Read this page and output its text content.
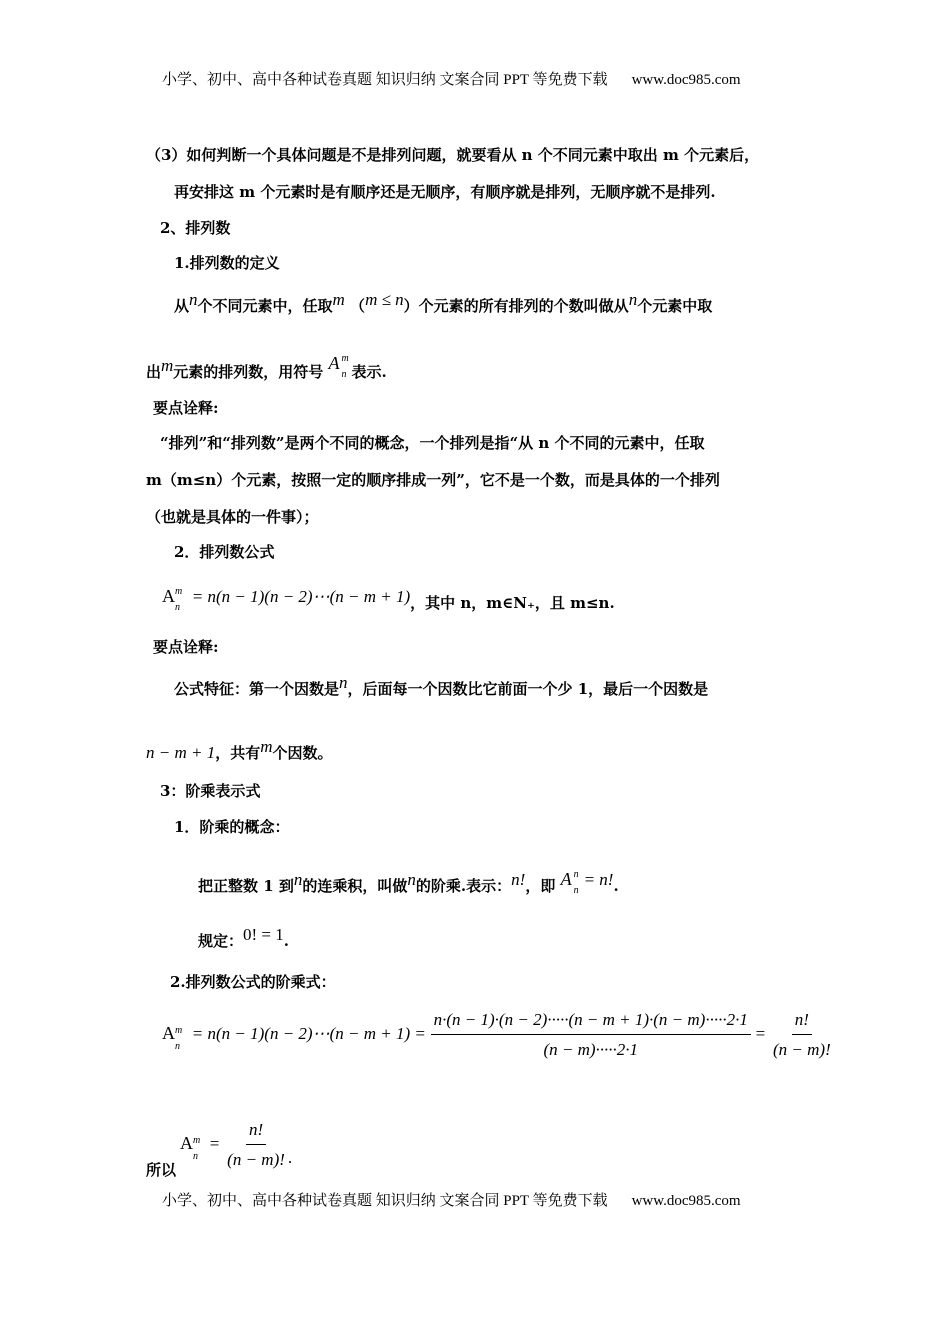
小学、初中、高中各种试卷真题 知识归纳 文案合同 PPT 等免费下载 www.doc985.com
（3）如何判断一个具体问题是不是排列问题，就要看从 n 个不同元素中取出 m 个元素后，
再安排这 m 个元素时是有顺序还是无顺序，有顺序就是排列，无顺序就不是排列.
2、排列数
1.排列数的定义
从$^n$个不同元素中，任取$^m$ （$^{m \le n}$）个元素的所有排列的个数叫做从$^n$个元素中取
出$^m$元素的排列数，用符号 A m
n 表示.
要点诠释:
“排列”和“排列数”是两个不同的概念，一个排列是指“从 n 个不同的元素中，任取
m（m≤n）个元素，按照一定的顺序排成一列”，它不是一个数，而是具体的一个排列
（也就是具体的一件事）；
2．排列数公式
A m
n
= n(n − 1)(n − 2)⋯(n − m + 1)，其中 n，m∈N₊，且 m≤n.
要点诠释:
公式特征：第一个因数是$^n$，后面每一个因数比它前面一个少 1，最后一个因数是
n − m + 1，共有$^m$个因数。
3：阶乘表示式
1．阶乘的概念：
把正整数 1 到$^n$的连乘积，叫做$^n$的阶乘.表示：$^{n!}$，即 A n
n
$^{= n!}$.
规定：$^{0! = 1}$.
2.排列数公式的阶乘式：
A m
n
= n(n − 1)(n − 2)⋯(n − $m + 1) = \frac{n\cdot(n - 1)\cdot(n - 2)\cdot\cdot\cdot\cdot\cdot(n - m + 1)\cdot(n - m)\cdot\cdot\cdot\cdot\cdot 2\cdot 1}{(n - m)\cdot\cdot\cdot\cdot\cdot 2\cdot 1} = \frac{n!}{(n - m)!}$
所以
A m
n
= $\frac{n!}{(n - m)!}$ .
小学、初中、高中各种试卷真题 知识归纳 文案合同 PPT 等免费下载 www.doc985.com
